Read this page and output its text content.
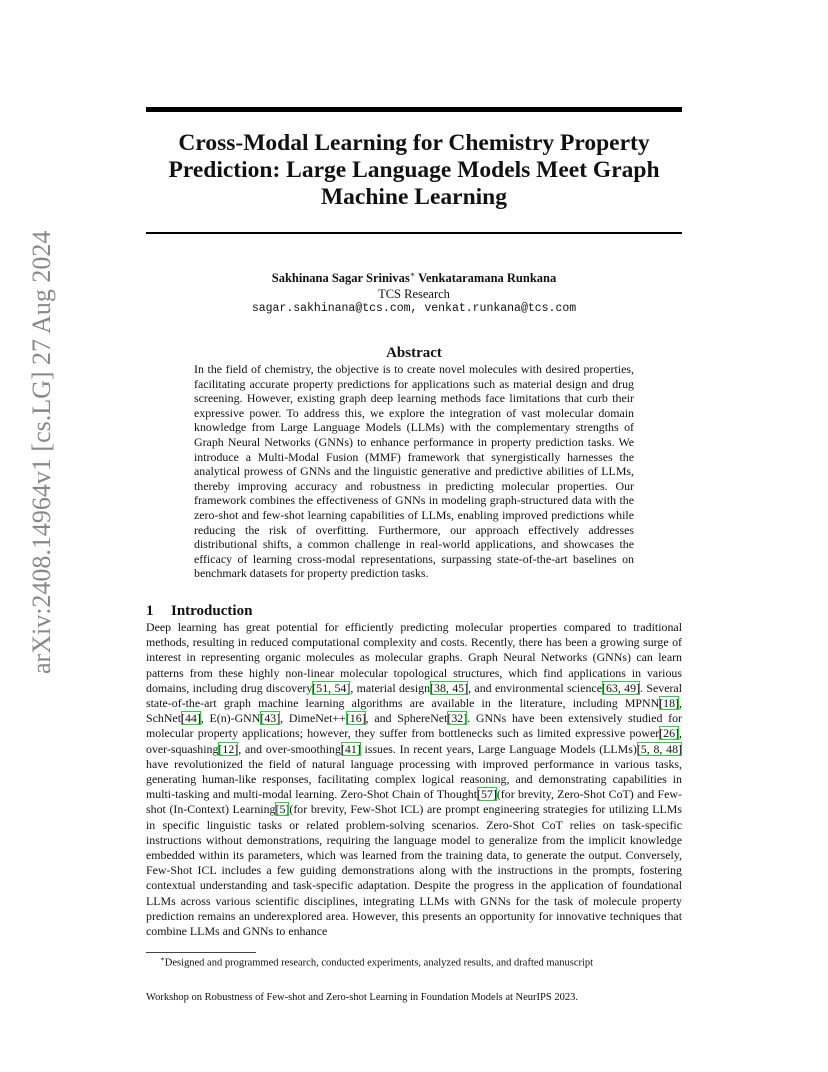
arXiv:2408.14964v1 [cs.LG] 27 Aug 2024
Cross-Modal Learning for Chemistry Property Prediction: Large Language Models Meet Graph Machine Learning
Sakhinana Sagar Srinivas∗ Venkataramana Runkana
TCS Research
sagar.sakhinana@tcs.com, venkat.runkana@tcs.com
Abstract
In the field of chemistry, the objective is to create novel molecules with desired properties, facilitating accurate property predictions for applications such as material design and drug screening. However, existing graph deep learning methods face limitations that curb their expressive power. To address this, we explore the integration of vast molecular domain knowledge from Large Language Models (LLMs) with the complementary strengths of Graph Neural Networks (GNNs) to enhance performance in property prediction tasks. We introduce a Multi-Modal Fusion (MMF) framework that synergistically harnesses the analytical prowess of GNNs and the linguistic generative and predictive abilities of LLMs, thereby improving accuracy and robustness in predicting molecular properties. Our framework combines the effectiveness of GNNs in modeling graph-structured data with the zero-shot and few-shot learning capabilities of LLMs, enabling improved predictions while reducing the risk of overfitting. Furthermore, our approach effectively addresses distributional shifts, a common challenge in real-world applications, and showcases the efficacy of learning cross-modal representations, surpassing state-of-the-art baselines on benchmark datasets for property prediction tasks.
1 Introduction
Deep learning has great potential for efficiently predicting molecular properties compared to traditional methods, resulting in reduced computational complexity and costs. Recently, there has been a growing surge of interest in representing organic molecules as molecular graphs. Graph Neural Networks (GNNs) can learn patterns from these highly non-linear molecular topological structures, which find applications in various domains, including drug discovery[51, 54], material design[38, 45], and environmental science[63, 49]. Several state-of-the-art graph machine learning algorithms are available in the literature, including MPNN[18], SchNet[44], E(n)-GNN[43], DimeNet++[16], and SphereNet[32]. GNNs have been extensively studied for molecular property applications; however, they suffer from bottlenecks such as limited expressive power[26], over-squashing[12], and over-smoothing[41] issues. In recent years, Large Language Models (LLMs)[5, 8, 48] have revolutionized the field of natural language processing with improved performance in various tasks, generating human-like responses, facilitating complex logical reasoning, and demonstrating capabilities in multi-tasking and multi-modal learning. Zero-Shot Chain of Thought[57](for brevity, Zero-Shot CoT) and Few-shot (In-Context) Learning[5](for brevity, Few-Shot ICL) are prompt engineering strategies for utilizing LLMs in specific linguistic tasks or related problem-solving scenarios. Zero-Shot CoT relies on task-specific instructions without demonstrations, requiring the language model to generalize from the implicit knowledge embedded within its parameters, which was learned from the training data, to generate the output. Conversely, Few-Shot ICL includes a few guiding demonstrations along with the instructions in the prompts, fostering contextual understanding and task-specific adaptation. Despite the progress in the application of foundational LLMs across various scientific disciplines, integrating LLMs with GNNs for the task of molecule property prediction remains an underexplored area. However, this presents an opportunity for innovative techniques that combine LLMs and GNNs to enhance
∗Designed and programmed research, conducted experiments, analyzed results, and drafted manuscript
Workshop on Robustness of Few-shot and Zero-shot Learning in Foundation Models at NeurIPS 2023.
